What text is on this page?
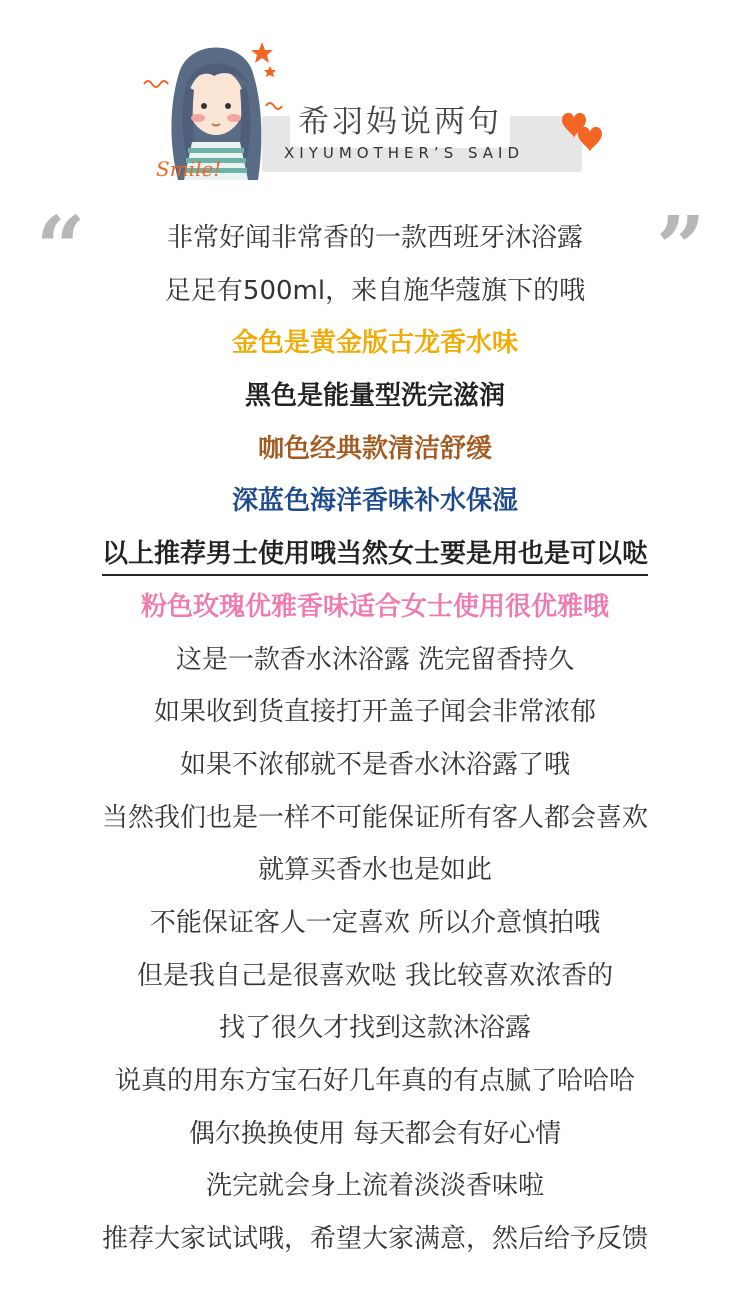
Smile!
希羽妈说两句
XIYUMOTHER’S SAID
“	”
非常好闻非常香的一款西班牙沐浴露
足足有500ml，来自施华蔻旗下的哦
金色是黄金版古龙香水味
黑色是能量型洗完滋润
咖色经典款清洁舒缓
深蓝色海洋香味补水保湿
以上推荐男士使用哦当然女士要是用也是可以哒
粉色玫瑰优雅香味适合女士使用很优雅哦
这是一款香水沐浴露 洗完留香持久
如果收到货直接打开盖子闻会非常浓郁
如果不浓郁就不是香水沐浴露了哦
当然我们也是一样不可能保证所有客人都会喜欢
就算买香水也是如此
不能保证客人一定喜欢 所以介意慎拍哦
但是我自己是很喜欢哒 我比较喜欢浓香的
找了很久才找到这款沐浴露
说真的用东方宝石好几年真的有点腻了哈哈哈
偶尔换换使用 每天都会有好心情
洗完就会身上流着淡淡香味啦
推荐大家试试哦，希望大家满意，然后给予反馈
